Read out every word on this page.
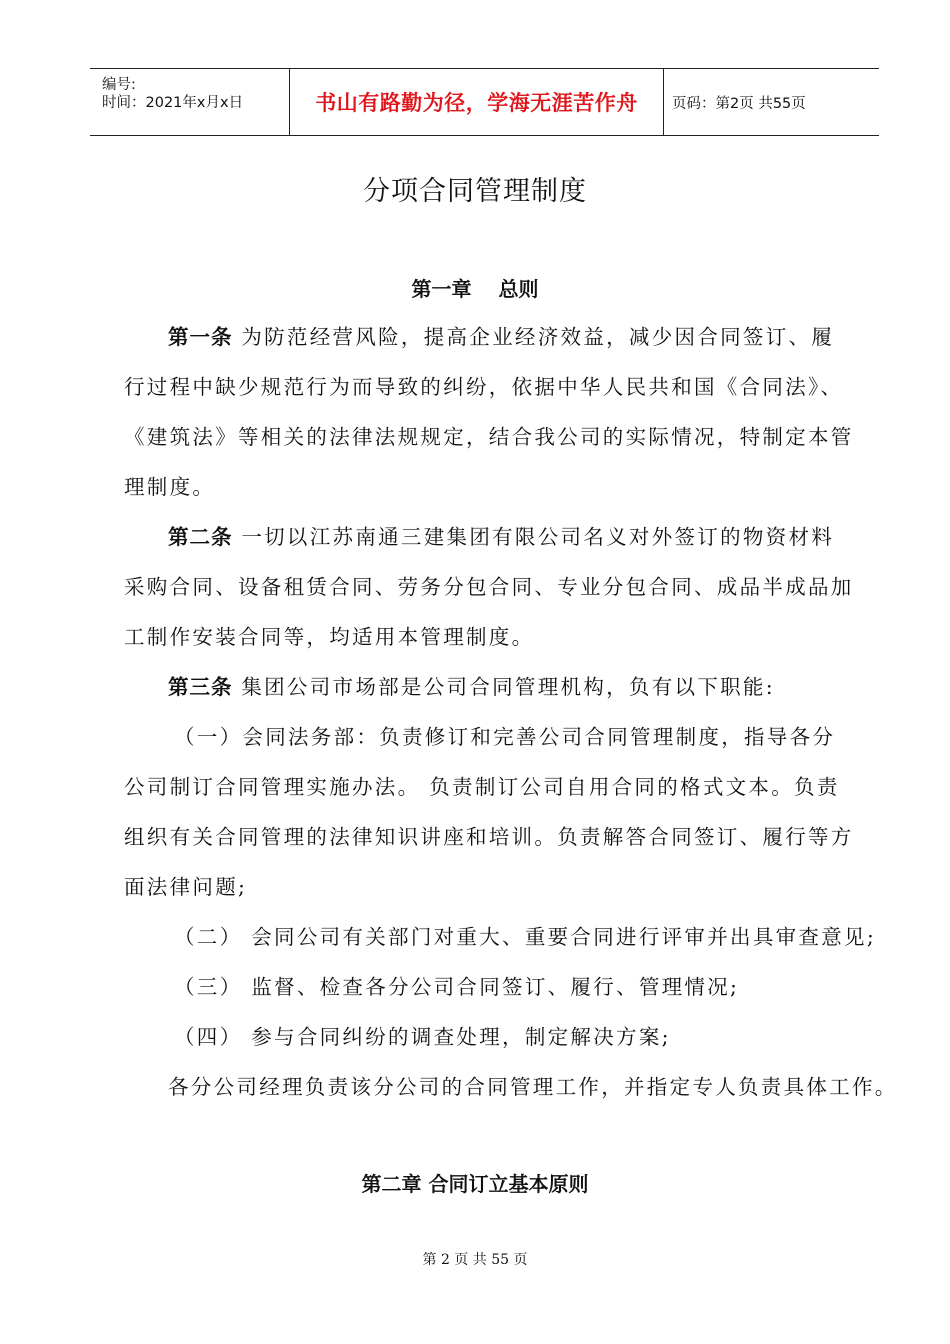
编号:
时间：2021年x月x日	书山有路勤为径，学海无涯苦作舟 页码：第2页 共55页
分项合同管理制度
第一章　 总则
第一条 为防范经营风险，提高企业经济效益，减少因合同签订、履
行过程中缺少规范行为而导致的纠纷，依据中华人民共和国《合同法》、
《建筑法》等相关的法律法规规定，结合我公司的实际情况，特制定本管
理制度。
第二条 一切以江苏南通三建集团有限公司名义对外签订的物资材料
采购合同、设备租赁合同、劳务分包合同、专业分包合同、成品半成品加
工制作安装合同等，均适用本管理制度。
第三条 集团公司市场部是公司合同管理机构，负有以下职能:
（一）会同法务部：负责修订和完善公司合同管理制度，指导各分
公司制订合同管理实施办法。 负责制订公司自用合同的格式文本。负责
组织有关合同管理的法律知识讲座和培训。负责解答合同签订、履行等方
面法律问题;
（二） 会同公司有关部门对重大、重要合同进行评审并出具审查意见;
（三） 监督、检查各分公司合同签订、履行、管理情况;
（四） 参与合同纠纷的调查处理，制定解决方案;
各分公司经理负责该分公司的合同管理工作，并指定专人负责具体工作。
第二章 合同订立基本原则
第 2 页 共 55 页
